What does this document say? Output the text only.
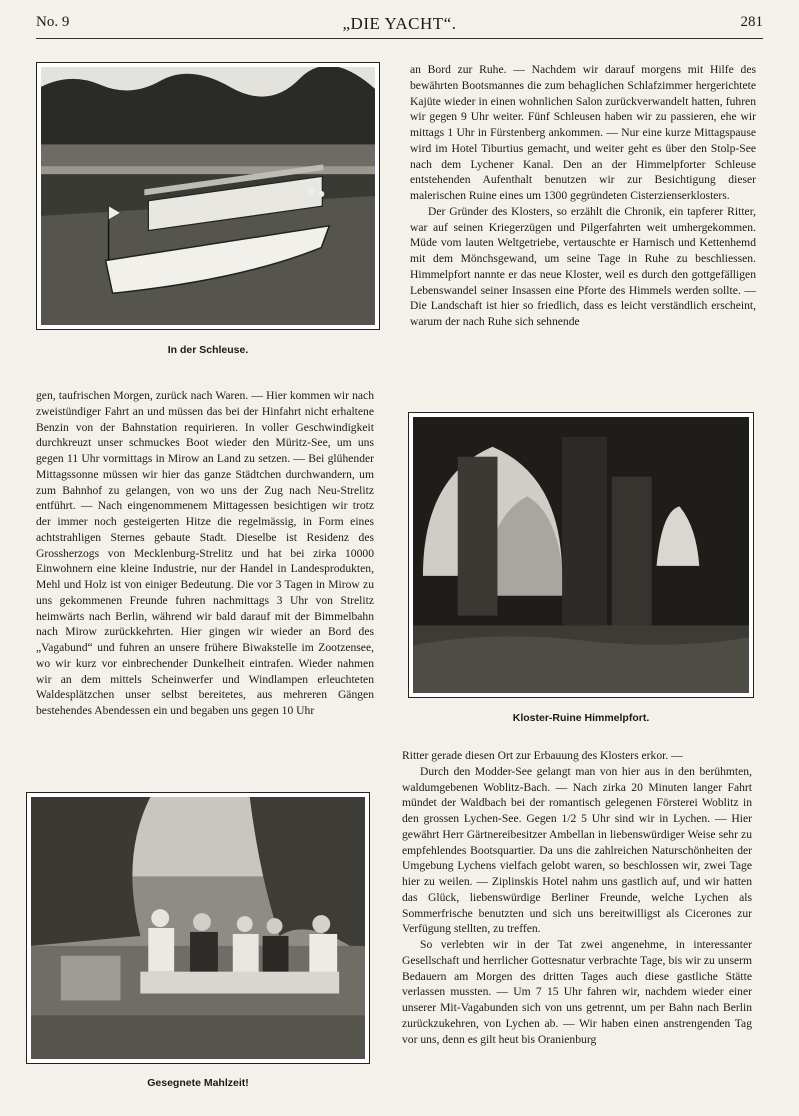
No. 9	„DIE YACHT“.	281
In der Schleuse.

an Bord zur Ruhe. — Nachdem wir darauf morgens mit Hilfe des bewährten Bootsmannes die zum behaglichen Schlafzimmer hergerichtete Kajüte wieder in einen wohnlichen Salon zurückverwandelt hatten, fuhren wir gegen 9 Uhr weiter. Fünf Schleusen haben wir zu passieren, ehe wir mittags 1 Uhr in Fürstenberg ankommen. — Nur eine kurze Mittagspause wird im Hotel Tiburtius gemacht, und weiter geht es über den Stolp-See nach dem Lychener Kanal. Den an der Himmelpforter Schleuse entstehenden Aufenthalt benutzen wir zur Besichtigung dieser malerischen Ruine eines um 1300 gegründeten Cisterzienserklosters.

Der Gründer des Klosters, so erzählt die Chronik, ein tapferer Ritter, war auf seinen Kriegerzügen und Pilgerfahrten weit umhergekommen. Müde vom lauten Weltgetriebe, vertauschte er Harnisch und Kettenhemd mit dem Mönchsgewand, um seine Tage in Ruhe zu beschliessen. Himmelpfort nannte er das neue Kloster, weil es durch den gottgefälligen Lebenswandel seiner Insassen eine Pforte des Himmels werden sollte. — Die Landschaft ist hier so friedlich, dass es leicht verständlich erscheint, warum der nach Ruhe sich sehnende

gen, taufrischen Morgen, zurück nach Waren. — Hier kommen wir nach zweistündiger Fahrt an und müssen das bei der Hinfahrt nicht erhaltene Benzin von der Bahnstation requirieren. In voller Geschwindigkeit durchkreuzt unser schmuckes Boot wieder den Müritz-See, um uns gegen 11 Uhr vormittags in Mirow an Land zu setzen. — Bei glühender Mittagssonne müssen wir hier das ganze Städtchen durchwandern, um zum Bahnhof zu gelangen, von wo uns der Zug nach Neu-Strelitz entführt. — Nach eingenommenem Mittagessen besichtigen wir trotz der immer noch gesteigerten Hitze die regelmässig, in Form eines achtstrahligen Sternes gebaute Stadt. Dieselbe ist Residenz des Grossherzogs von Mecklenburg-Strelitz und hat bei zirka 10000 Einwohnern eine kleine Industrie, nur der Handel in Landesprodukten, Mehl und Holz ist von einiger Bedeutung. Die vor 3 Tagen in Mirow zu uns gekommenen Freunde fuhren nachmittags 3 Uhr von Strelitz heimwärts nach Berlin, während wir bald darauf mit der Bimmelbahn nach Mirow zurückkehrten. Hier gingen wir wieder an Bord des „Vagabund“ und fuhren an unsere frühere Biwakstelle im Zootzensee, wo wir kurz vor einbrechender Dunkelheit eintrafen. Wieder nahmen wir an dem mittels Scheinwerfer und Windlampen erleuchteten Waldesplätzchen unser selbst bereitetes, aus mehreren Gängen bestehendes Abendessen ein und begaben uns gegen 10 Uhr

Kloster-Ruine Himmelpfort.

Ritter gerade diesen Ort zur Erbauung des Klosters erkor. —

Durch den Modder-See gelangt man von hier aus in den berühmten, waldumgebenen Woblitz-Bach. — Nach zirka 20 Minuten langer Fahrt mündet der Waldbach bei der romantisch gelegenen Försterei Woblitz in den grossen Lychen-See. Gegen 1/2 5 Uhr sind wir in Lychen. — Hier gewährt Herr Gärtnereibesitzer Ambellan in liebenswürdiger Weise sehr zu empfehlendes Bootsquartier. Da uns die zahlreichen Naturschönheiten der Umgebung Lychens vielfach gelobt waren, so beschlossen wir, zwei Tage hier zu weilen. — Ziplinskis Hotel nahm uns gastlich auf, und wir hatten das Glück, liebenswürdige Berliner Freunde, welche Lychen als Sommerfrische benutzten und sich uns bereitwilligst als Cicerones zur Verfügung stellten, zu treffen.

So verlebten wir in der Tat zwei angenehme, in interessanter Gesellschaft und herrlicher Gottesnatur verbrachte Tage, bis wir zu unserm Bedauern am Morgen des dritten Tages auch diese gastliche Stätte verlassen mussten. — Um 7 15 Uhr fahren wir, nachdem wieder einer unserer Mit-Vagabunden sich von uns getrennt, um per Bahn nach Berlin zurückzukehren, von Lychen ab. — Wir haben einen anstrengenden Tag vor uns, denn es gilt heut bis Oranienburg

Gesegnete Mahlzeit!
